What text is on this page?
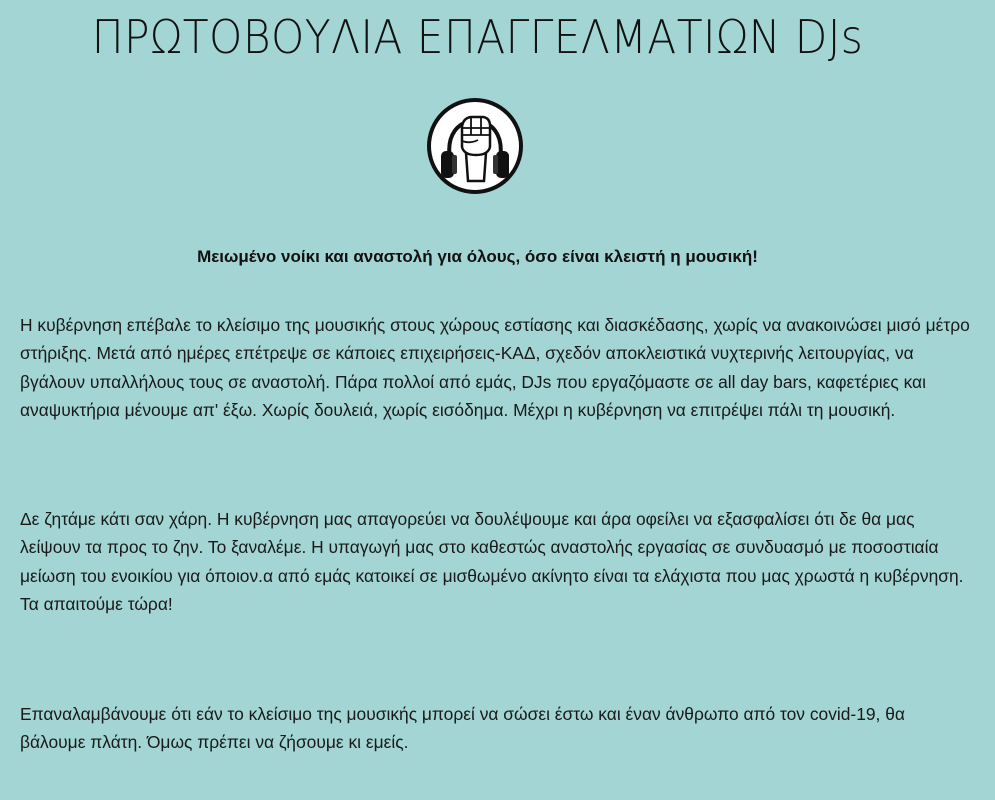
ΠΡΩΤΟΒΟΥΛΙΑ ΕΠΑΓΓΕΛΜΑΤΙΩΝ DJs
Μειωμένο νοίκι και αναστολή για όλους, όσο είναι κλειστή η μουσική!

Η κυβέρνηση επέβαλε το κλείσιμο της μουσικής στους χώρους εστίασης και διασκέδασης, χωρίς να ανακοινώσει μισό μέτρο στήριξης. Μετά από ημέρες επέτρεψε σε κάποιες επιχειρήσεις-ΚΑΔ, σχεδόν αποκλειστικά νυχτερινής λειτουργίας, να βγάλουν υπαλλήλους τους σε αναστολή. Πάρα πολλοί από εμάς, DJs που εργαζόμαστε σε all day bars, καφετέριες και αναψυκτήρια μένουμε απ' έξω. Χωρίς δουλειά, χωρίς εισόδημα. Μέχρι η κυβέρνηση να επιτρέψει πάλι τη μουσική.

Δε ζητάμε κάτι σαν χάρη. Η κυβέρνηση μας απαγορεύει να δουλέψουμε και άρα οφείλει να εξασφαλίσει ότι δε θα μας λείψουν τα προς το ζην. Το ξαναλέμε. Η υπαγωγή μας στο καθεστώς αναστολής εργασίας σε συνδυασμό με ποσοστιαία μείωση του ενοικίου για όποιον.α από εμάς κατοικεί σε μισθωμένο ακίνητο είναι τα ελάχιστα που μας χρωστά η κυβέρνηση. Τα απαιτούμε τώρα!

Επαναλαμβάνουμε ότι εάν το κλείσιμο της μουσικής μπορεί να σώσει έστω και έναν άνθρωπο από τον covid-19, θα βάλουμε πλάτη. Όμως πρέπει να ζήσουμε κι εμείς.
